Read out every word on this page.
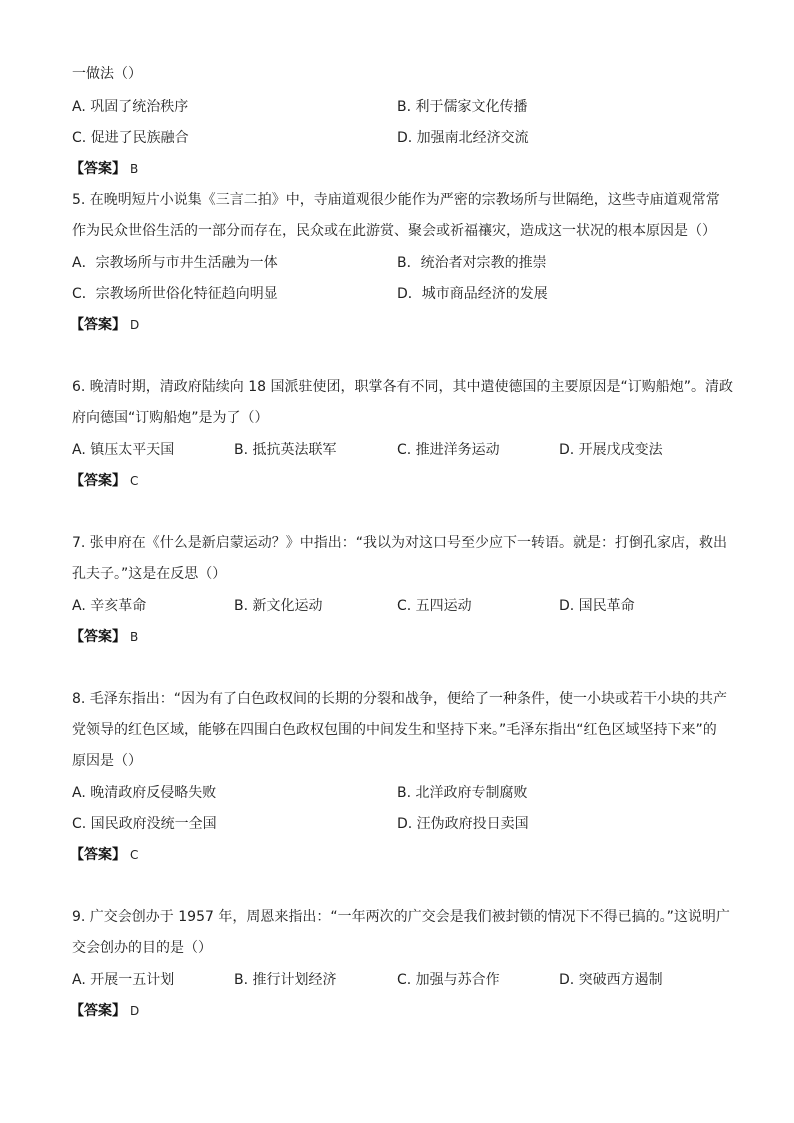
一做法（）
A. 巩固了统治秩序	B. 利于儒家文化传播
C. 促进了民族融合	D. 加强南北经济交流
【答案】 B
5. 在晚明短片小说集《三言二拍》中，寺庙道观很少能作为严密的宗教场所与世隔绝，这些寺庙道观常常
作为民众世俗生活的一部分而存在，民众或在此游赏、聚会或祈福禳灾，造成这一状况的根本原因是（）
A．宗教场所与市井生活融为一体	B．统治者对宗教的推崇
C．宗教场所世俗化特征趋向明显	D．城市商品经济的发展
【答案】 D
6. 晚清时期，清政府陆续向 18 国派驻使团，职掌各有不同，其中遣使德国的主要原因是“订购船炮”。清政
府向德国“订购船炮”是为了（）
A. 镇压太平天国	B. 抵抗英法联军	C. 推进洋务运动	D. 开展戊戌变法
【答案】 C
7. 张申府在《什么是新启蒙运动？》中指出：“我以为对这口号至少应下一转语。就是：打倒孔家店，救出
孔夫子。”这是在反思（）
A. 辛亥革命	B. 新文化运动	C. 五四运动	D. 国民革命
【答案】 B
8. 毛泽东指出：“因为有了白色政权间的长期的分裂和战争，便给了一种条件，使一小块或若干小块的共产
党领导的红色区域，能够在四围白色政权包围的中间发生和坚持下来。”毛泽东指出“红色区域坚持下来”的
原因是（）
A. 晚清政府反侵略失败	B. 北洋政府专制腐败
C. 国民政府没统一全国	D. 汪伪政府投日卖国
【答案】 C
9. 广交会创办于 1957 年，周恩来指出：“一年两次的广交会是我们被封锁的情况下不得已搞的。”这说明广
交会创办的目的是（）
A. 开展一五计划	B. 推行计划经济	C. 加强与苏合作	D. 突破西方遏制
【答案】 D
